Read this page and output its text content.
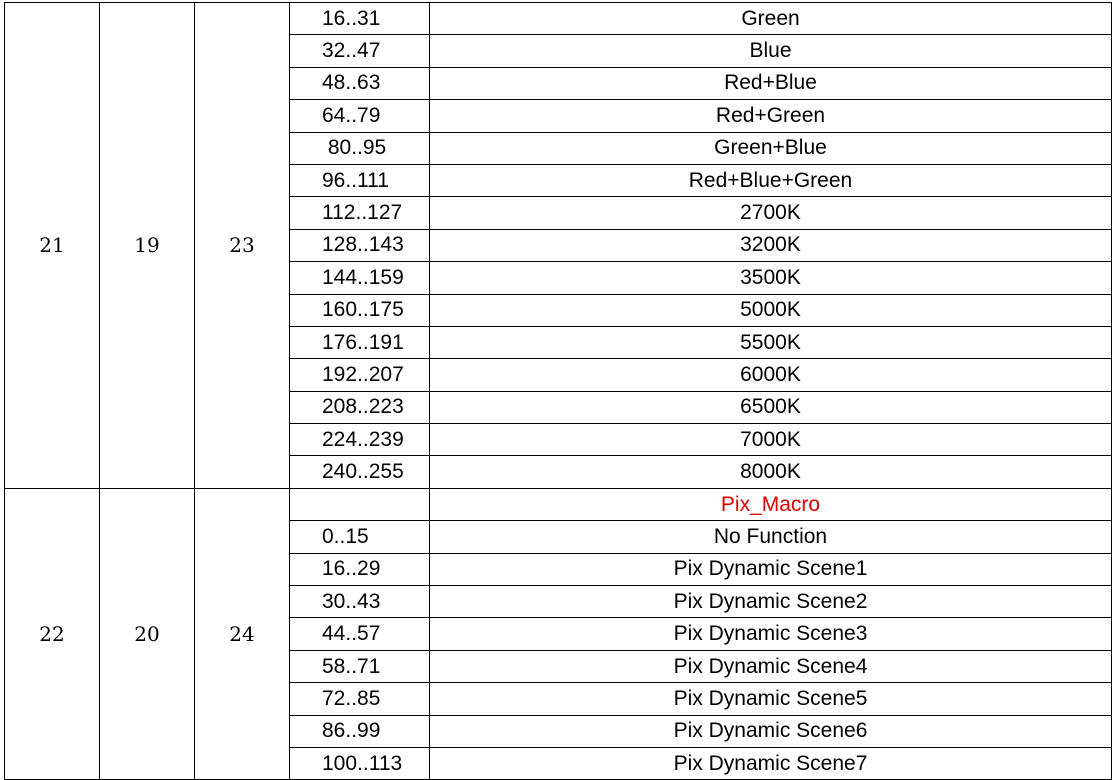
21	19	23	16..31	Green
			32..47	Blue
			48..63	Red+Blue
			64..79	Red+Green
			80..95	Green+Blue
			96..111	Red+Blue+Green
			112..127	2700K
			128..143	3200K
			144..159	3500K
			160..175	5000K
			176..191	5500K
			192..207	6000K
			208..223	6500K
			224..239	7000K
			240..255	8000K
22	20	24		Pix_Macro
			0..15	No Function
			16..29	Pix Dynamic Scene1
			30..43	Pix Dynamic Scene2
			44..57	Pix Dynamic Scene3
			58..71	Pix Dynamic Scene4
			72..85	Pix Dynamic Scene5
			86..99	Pix Dynamic Scene6
			100..113	Pix Dynamic Scene7
